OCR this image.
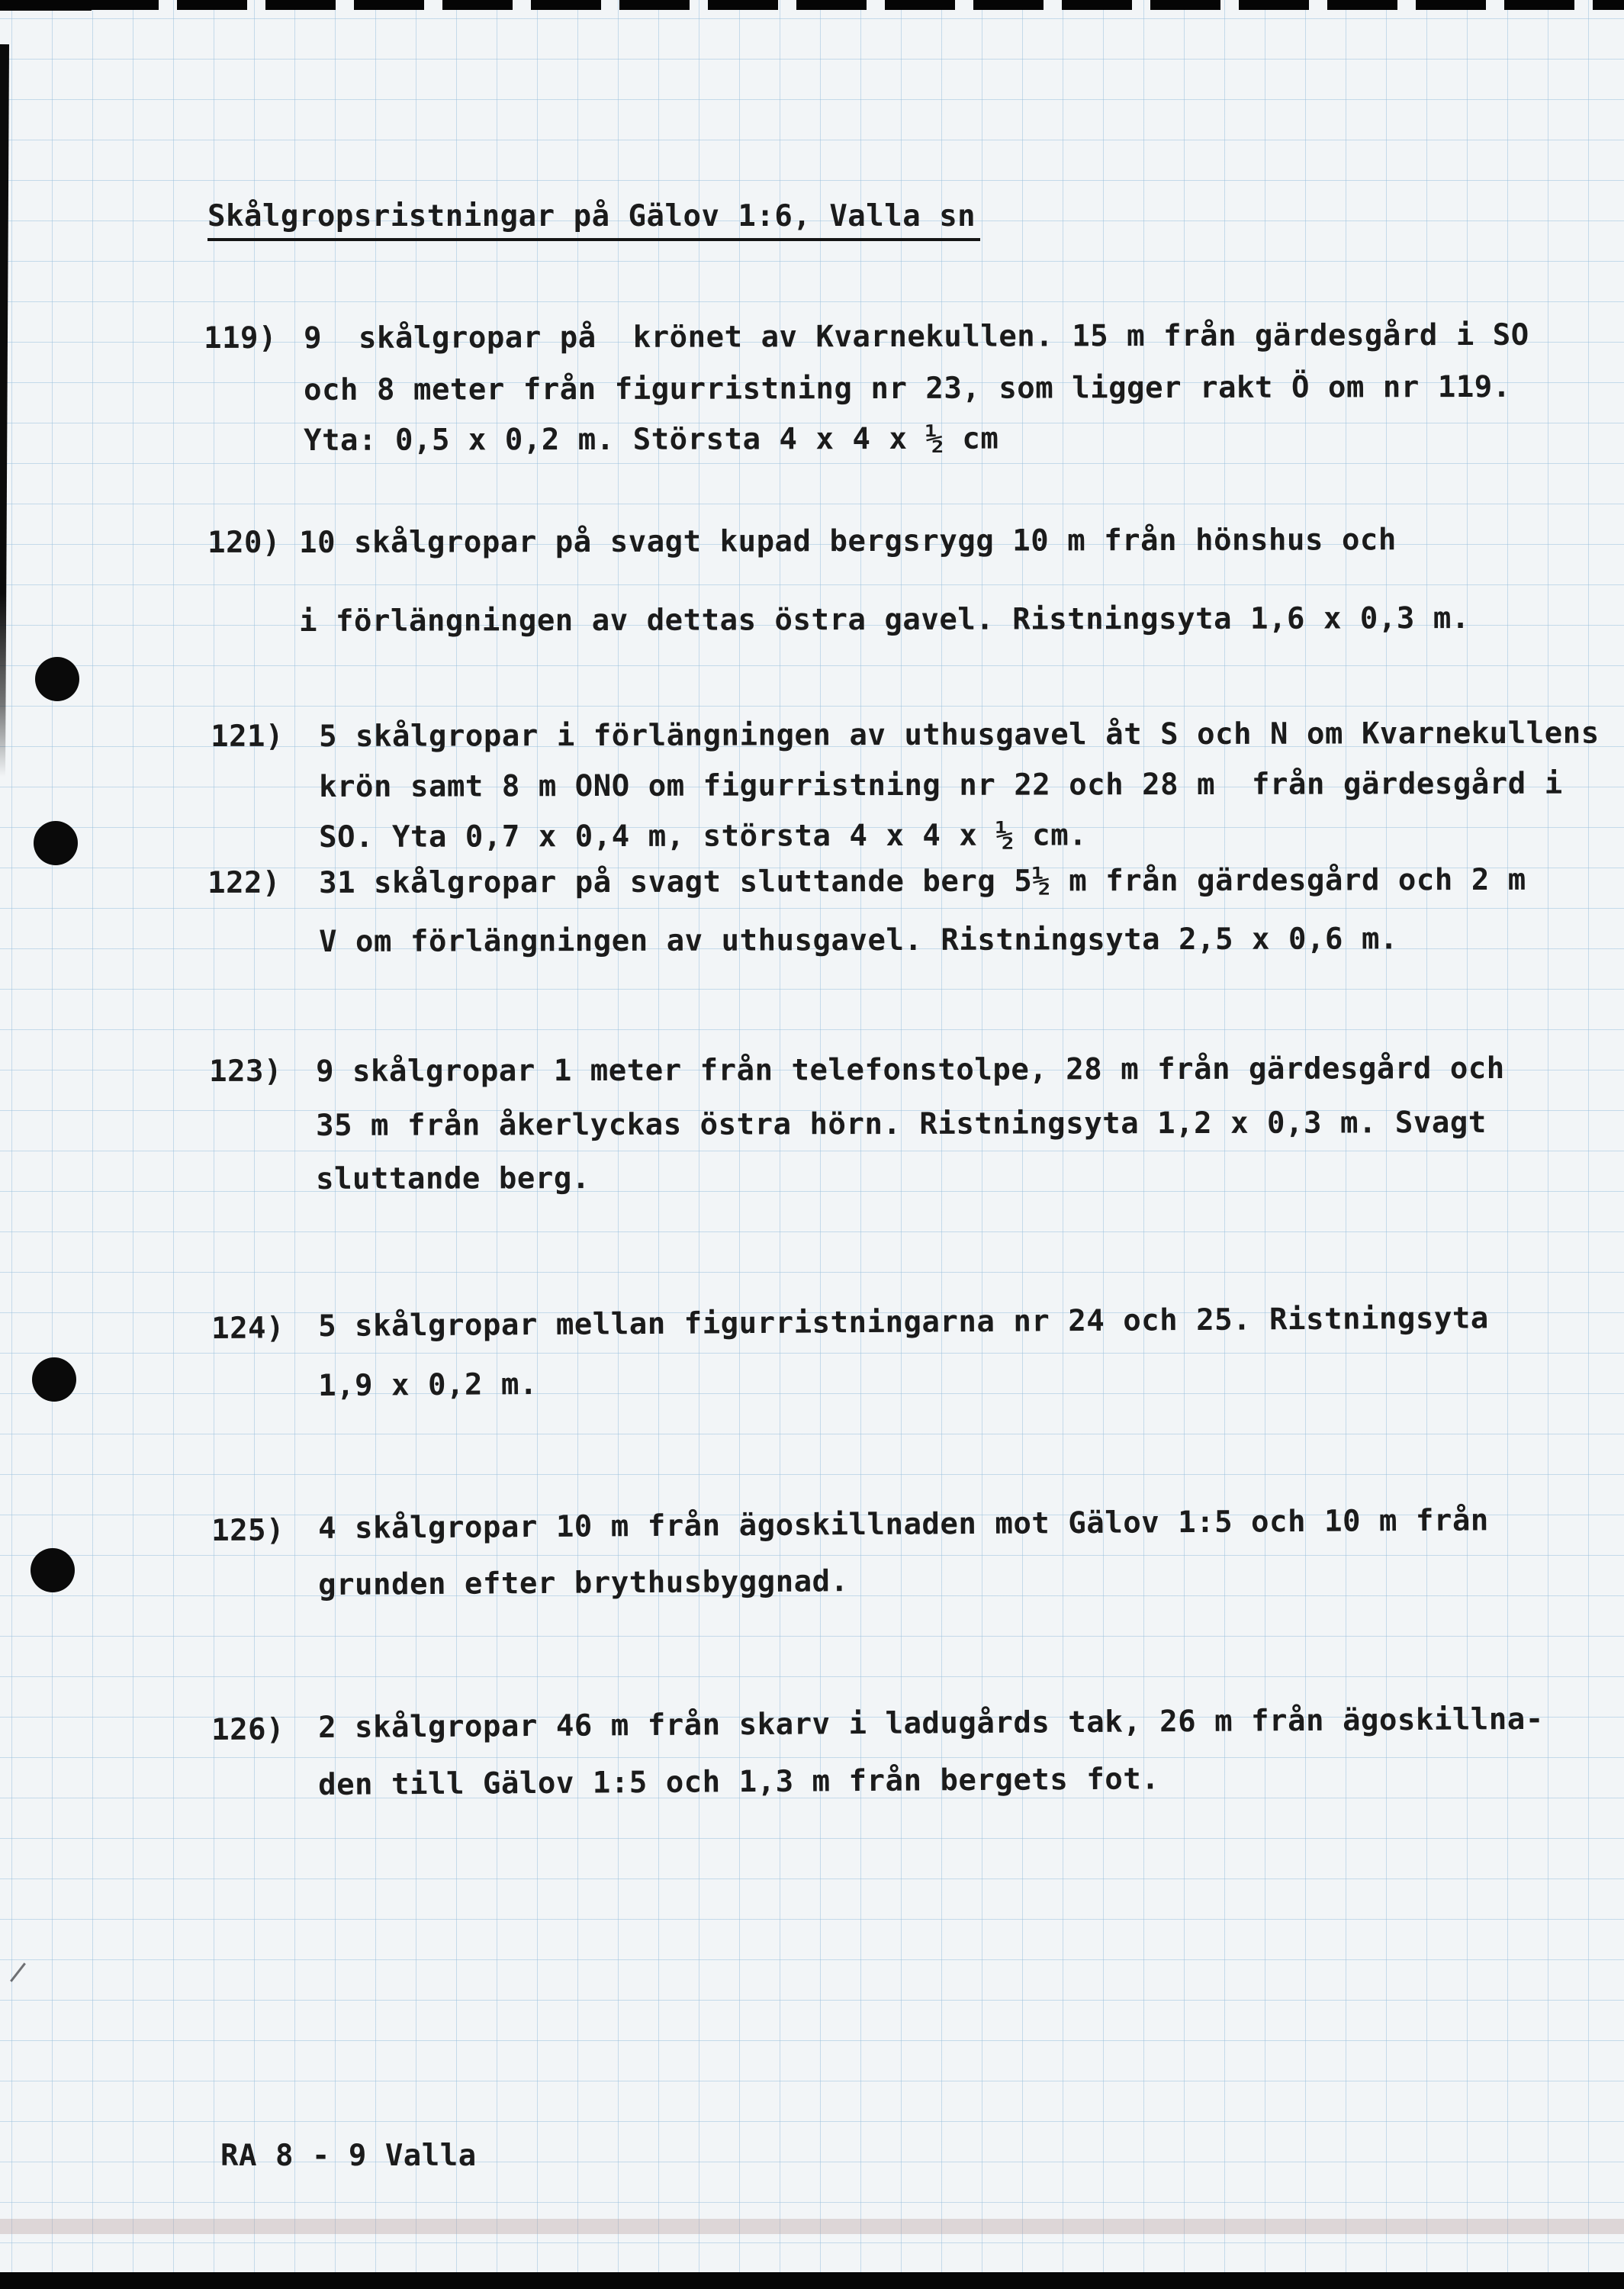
Skålgropsristningar på Gälov 1:6, Valla sn
119) 9  skålgropar på  krönet av Kvarnekullen. 15 m från gärdesgård i SO
och 8 meter från figurristning nr 23, som ligger rakt Ö om nr 119.
Yta: 0,5 x 0,2 m. Största 4 x 4 x ½ cm
120) 10 skålgropar på svagt kupad bergsrygg 10 m från hönshus och
i förlängningen av dettas östra gavel. Ristningsyta 1,6 x 0,3 m.
121) 5 skålgropar i förlängningen av uthusgavel åt S och N om Kvarnekullens
krön samt 8 m ONO om figurristning nr 22 och 28 m  från gärdesgård i
SO. Yta 0,7 x 0,4 m, största 4 x 4 x ½ cm.
122) 31 skålgropar på svagt sluttande berg 5½ m från gärdesgård och 2 m
V om förlängningen av uthusgavel. Ristningsyta 2,5 x 0,6 m.
123) 9 skålgropar 1 meter från telefonstolpe, 28 m från gärdesgård och
35 m från åkerlyckas östra hörn. Ristningsyta 1,2 x 0,3 m. Svagt
sluttande berg.
124) 5 skålgropar mellan figurristningarna nr 24 och 25. Ristningsyta
1,9 x 0,2 m.
125) 4 skålgropar 10 m från ägoskillnaden mot Gälov 1:5 och 10 m från
grunden efter brythusbyggnad.
126) 2 skålgropar 46 m från skarv i ladugårds tak, 26 m från ägoskillna-
den till Gälov 1:5 och 1,3 m från bergets fot.
RA 8 - 9 Valla
